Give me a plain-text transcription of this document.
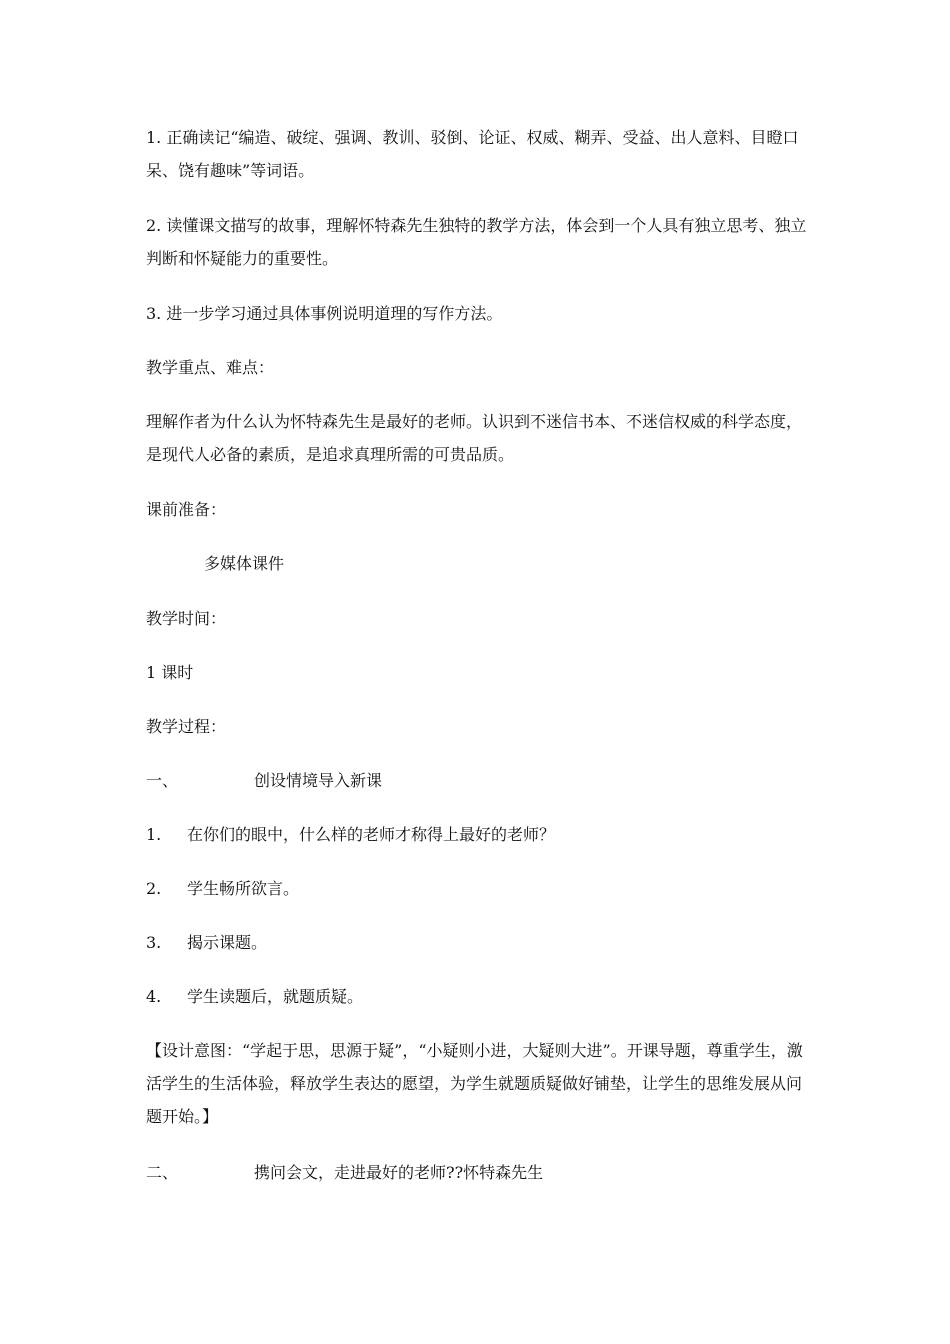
1. 正确读记“编造、破绽、强调、教训、驳倒、论证、权威、糊弄、受益、出人意料、目瞪口呆、饶有趣味”等词语。

2. 读懂课文描写的故事，理解怀特森先生独特的教学方法，体会到一个人具有独立思考、独立判断和怀疑能力的重要性。

3. 进一步学习通过具体事例说明道理的写作方法。

教学重点、难点：

理解作者为什么认为怀特森先生是最好的老师。认识到不迷信书本、不迷信权威的科学态度，是现代人必备的素质，是追求真理所需的可贵品质。

课前准备：

多媒体课件

教学时间：

1 课时

教学过程：

一、	创设情境导入新课

1. 在你们的眼中，什么样的老师才称得上最好的老师？

2. 学生畅所欲言。

3. 揭示课题。

4. 学生读题后，就题质疑。

【设计意图：“学起于思，思源于疑”，“小疑则小进，大疑则大进”。开课导题，尊重学生，激活学生的生活体验，释放学生表达的愿望，为学生就题质疑做好铺垫，让学生的思维发展从问题开始。】

二、	携问会文，走进最好的老师??怀特森先生
